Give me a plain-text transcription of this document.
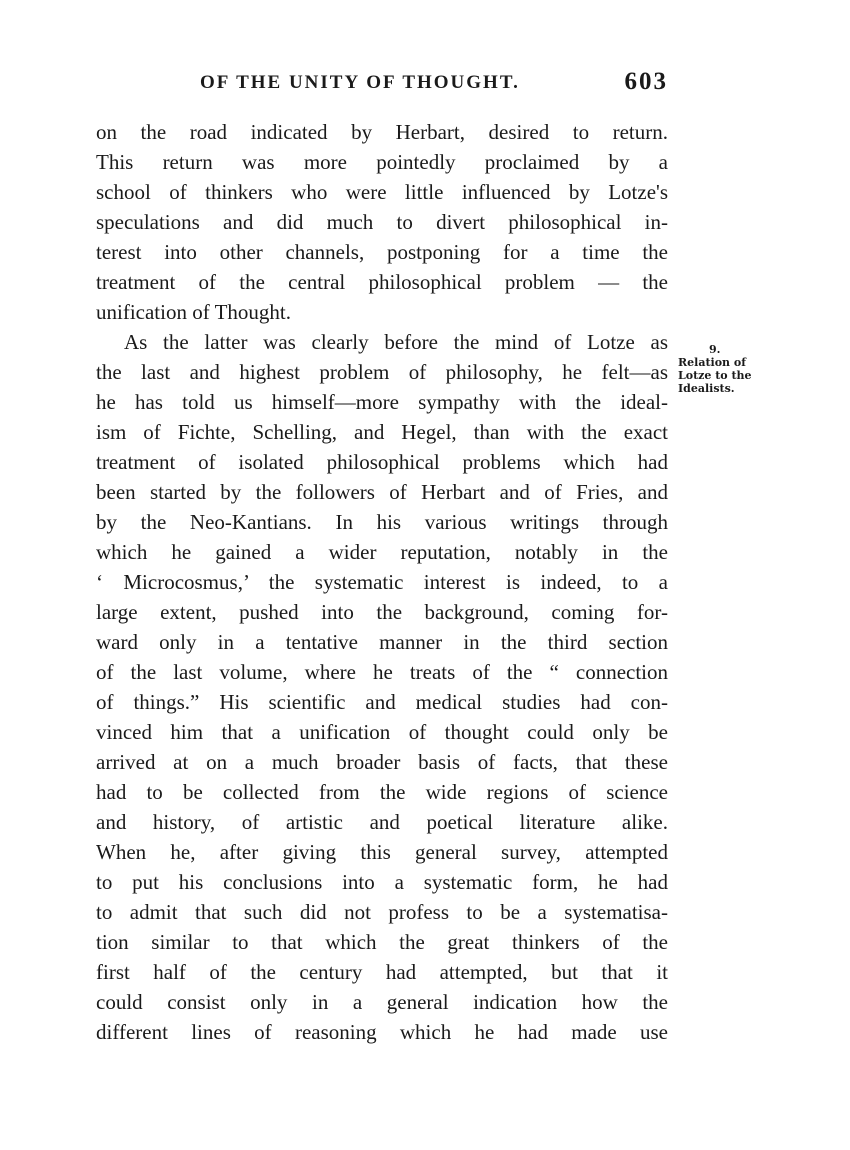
OF THE UNITY OF THOUGHT.	603
on the road indicated by Herbart, desired to return.
This return was more pointedly proclaimed by a
school of thinkers who were little influenced by Lotze's
speculations and did much to divert philosophical in-
terest into other channels, postponing for a time the
treatment of the central philosophical problem — the
unification of Thought.
As the latter was clearly before the mind of Lotze as
the last and highest problem of philosophy, he felt—as
he has told us himself—more sympathy with the ideal-
ism of Fichte, Schelling, and Hegel, than with the exact
treatment of isolated philosophical problems which had
been started by the followers of Herbart and of Fries, and
by the Neo-Kantians. In his various writings through
which he gained a wider reputation, notably in the
‘ Microcosmus,’ the systematic interest is indeed, to a
large extent, pushed into the background, coming for-
ward only in a tentative manner in the third section
of the last volume, where he treats of the “ connection
of things.” His scientific and medical studies had con-
vinced him that a unification of thought could only be
arrived at on a much broader basis of facts, that these
had to be collected from the wide regions of science
and history, of artistic and poetical literature alike.
When he, after giving this general survey, attempted
to put his conclusions into a systematic form, he had
to admit that such did not profess to be a systematisa-
tion similar to that which the great thinkers of the
first half of the century had attempted, but that it
could consist only in a general indication how the
different lines of reasoning which he had made use
9.
Relation of
Lotze to the
Idealists.
